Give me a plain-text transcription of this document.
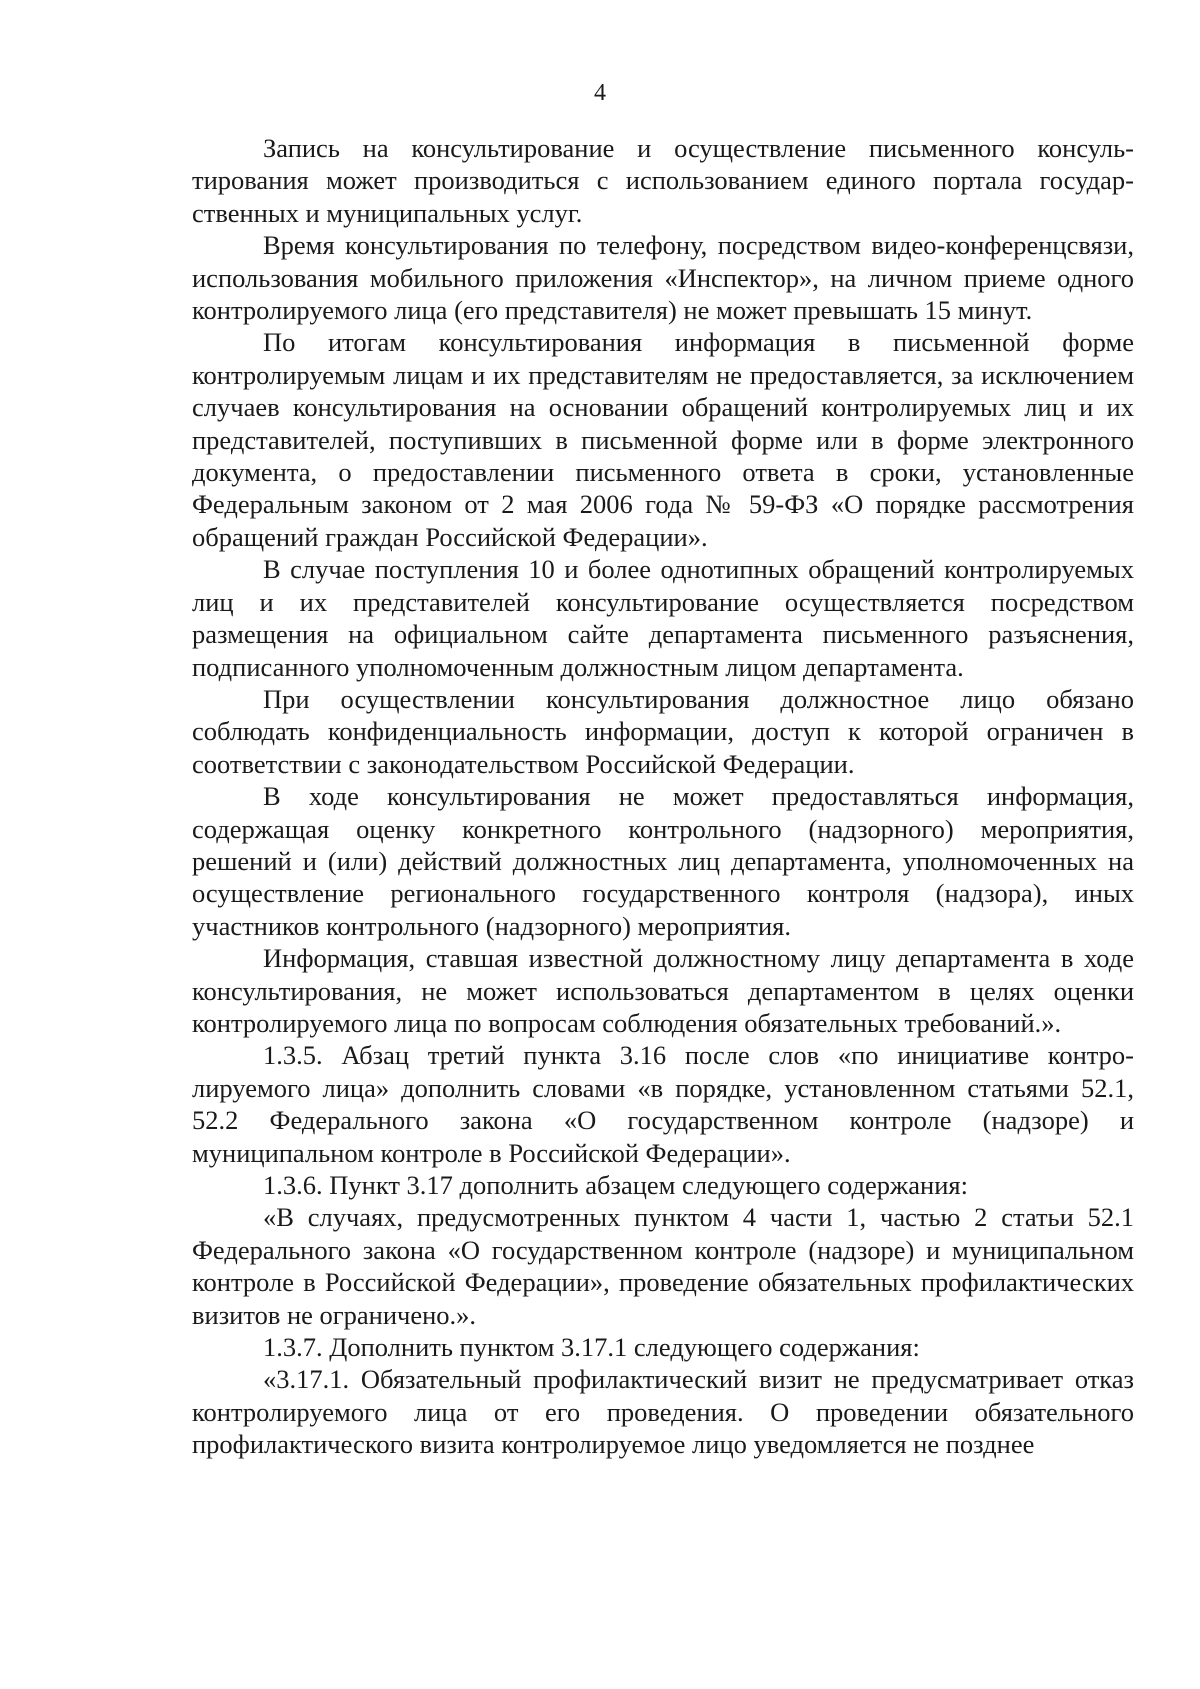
4

Запись на консультирование и осуществление письменного консультирования может производиться с использованием единого портала государственных и муниципальных услуг.

Время консультирования по телефону, посредством видео-конференцсвязи, использования мобильного приложения «Инспектор», на личном приеме одного контролируемого лица (его представителя) не может превышать 15 минут.

По итогам консультирования информация в письменной форме контролируемым лицам и их представителям не предоставляется, за исключением случаев консультирования на основании обращений контролируемых лиц и их представителей, поступивших в письменной форме или в форме электронного документа, о предоставлении письменного ответа в сроки, установленные Федеральным законом от 2 мая 2006 года № 59-ФЗ «О порядке рассмотрения обращений граждан Российской Федерации».

В случае поступления 10 и более однотипных обращений контролируемых лиц и их представителей консультирование осуществляется посредством размещения на официальном сайте департамента письменного разъяснения, подписанного уполномоченным должностным лицом департамента.

При осуществлении консультирования должностное лицо обязано соблюдать конфиденциальность информации, доступ к которой ограничен в соответствии с законодательством Российской Федерации.

В ходе консультирования не может предоставляться информация, содержащая оценку конкретного контрольного (надзорного) мероприятия, решений и (или) действий должностных лиц департамента, уполномоченных на осуществление регионального государственного контроля (надзора), иных участников контрольного (надзорного) мероприятия.

Информация, ставшая известной должностному лицу департамента в ходе консультирования, не может использоваться департаментом в целях оценки контролируемого лица по вопросам соблюдения обязательных требований.».

1.3.5. Абзац третий пункта 3.16 после слов «по инициативе контролируемого лица» дополнить словами «в порядке, установленном статьями 52.1, 52.2 Федерального закона «О государственном контроле (надзоре) и муниципальном контроле в Российской Федерации».

1.3.6. Пункт 3.17 дополнить абзацем следующего содержания:

«В случаях, предусмотренных пунктом 4 части 1, частью 2 статьи 52.1 Федерального закона «О государственном контроле (надзоре) и муниципальном контроле в Российской Федерации», проведение обязательных профилактических визитов не ограничено.».

1.3.7. Дополнить пунктом 3.17.1 следующего содержания:

«3.17.1. Обязательный профилактический визит не предусматривает отказ контролируемого лица от его проведения. О проведении обязательного профилактического визита контролируемое лицо уведомляется не позднее
